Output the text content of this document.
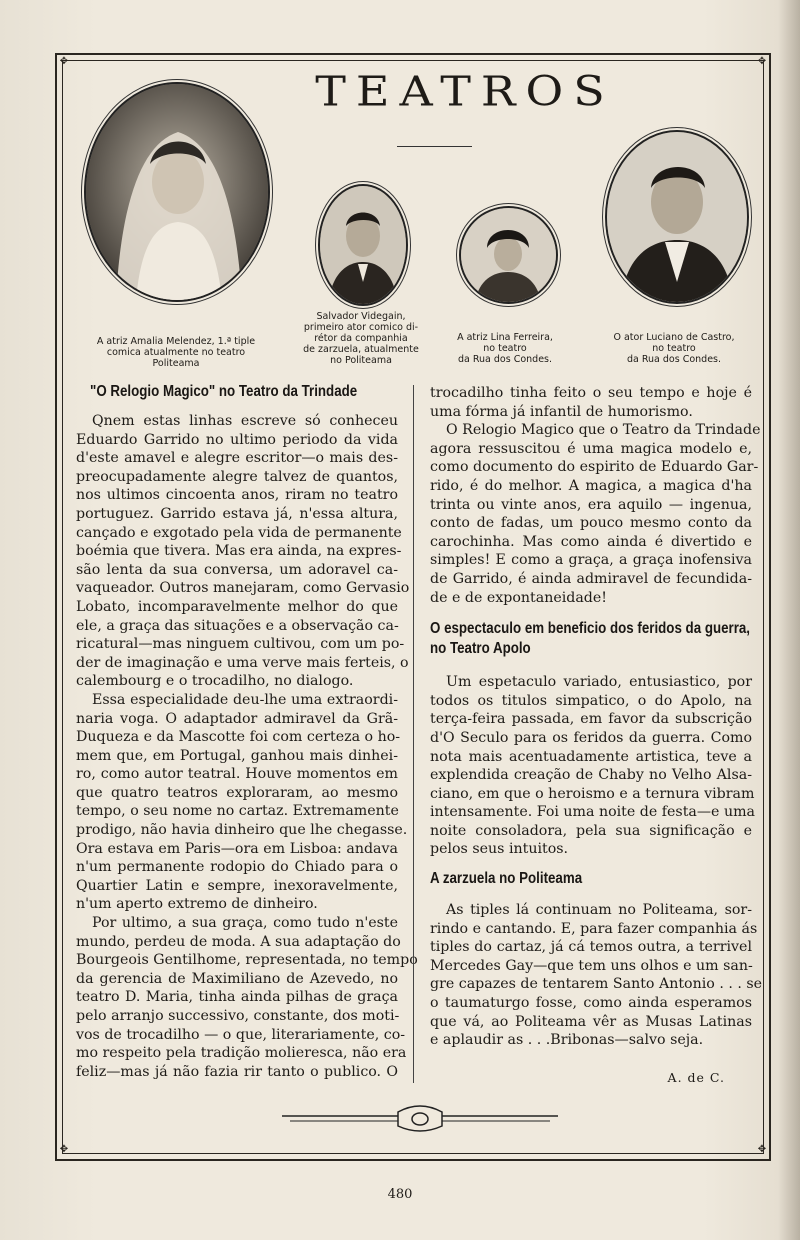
✥	✥
✥	✥
TEATROS
A atriz Amalia Melendez, 1.ª tiple
comica atualmente no teatro
Politeama
Salvador Videgain,
primeiro ator comico di-
rétor da companhia
de zarzuela, atualmente
no Politeama
A atriz Lina Ferreira,
no teatro
da Rua dos Condes.
O ator Luciano de Castro,
no teatro
da Rua dos Condes.
"O Relogio Magico" no Teatro da Trindade
Qnem estas linhas escreve só conheceu
Eduardo Garrido no ultimo periodo da vida
d'este amavel e alegre escritor—o mais des-
preocupadamente alegre talvez de quantos,
nos ultimos cincoenta anos, riram no teatro
portuguez. Garrido estava já, n'essa altura,
cançado e exgotado pela vida de permanente
boémia que tivera. Mas era ainda, na expres-
são lenta da sua conversa, um adoravel ca-
vaqueador. Outros manejaram, como Gervasio
Lobato, incomparavelmente melhor do que
ele, a graça das situações e a observação ca-
ricatural—mas ninguem cultivou, com um po-
der de imaginação e uma verve mais ferteis, o
calembourg e o trocadilho, no dialogo.
Essa especialidade deu-lhe uma extraordi-
naria voga. O adaptador admiravel da Grã-
Duqueza e da Mascotte foi com certeza o ho-
mem que, em Portugal, ganhou mais dinhei-
ro, como autor teatral. Houve momentos em
que quatro teatros exploraram, ao mesmo
tempo, o seu nome no cartaz. Extremamente
prodigo, não havia dinheiro que lhe chegasse.
Ora estava em Paris—ora em Lisboa: andava
n'um permanente rodopio do Chiado para o
Quartier Latin e sempre, inexoravelmente,
n'um aperto extremo de dinheiro.
Por ultimo, a sua graça, como tudo n'este
mundo, perdeu de moda. A sua adaptação do
Bourgeois Gentilhome, representada, no tempo
da gerencia de Maximiliano de Azevedo, no
teatro D. Maria, tinha ainda pilhas de graça
pelo arranjo successivo, constante, dos moti-
vos de trocadilho — o que, literariamente, co-
mo respeito pela tradição molieresca, não era
feliz—mas já não fazia rir tanto o publico. O
trocadilho tinha feito o seu tempo e hoje é
uma fórma já infantil de humorismo.
O Relogio Magico que o Teatro da Trindade
agora ressuscitou é uma magica modelo e,
como documento do espirito de Eduardo Gar-
rido, é do melhor. A magica, a magica d'ha
trinta ou vinte anos, era aquilo — ingenua,
conto de fadas, um pouco mesmo conto da
carochinha. Mas como ainda é divertido e
simples! E como a graça, a graça inofensiva
de Garrido, é ainda admiravel de fecundida-
de e de expontaneidade!
O espectaculo em beneficio dos feridos da guerra,
no Teatro Apolo
Um espetaculo variado, entusiastico, por
todos os titulos simpatico, o do Apolo, na
terça-feira passada, em favor da subscrição
d'O Seculo para os feridos da guerra. Como
nota mais acentuadamente artistica, teve a
explendida creação de Chaby no Velho Alsa-
ciano, em que o heroismo e a ternura vibram
intensamente. Foi uma noite de festa—e uma
noite consoladora, pela sua significação e
pelos seus intuitos.
A zarzuela no Politeama
As tiples lá continuam no Politeama, sor-
rindo e cantando. E, para fazer companhia ás
tiples do cartaz, já cá temos outra, a terrivel
Mercedes Gay—que tem uns olhos e um san-
gre capazes de tentarem Santo Antonio . . . se
o taumaturgo fosse, como ainda esperamos
que vá, ao Politeama vêr as Musas Latinas
e aplaudir as . . .Bribonas—salvo seja.
A. de C.
480
